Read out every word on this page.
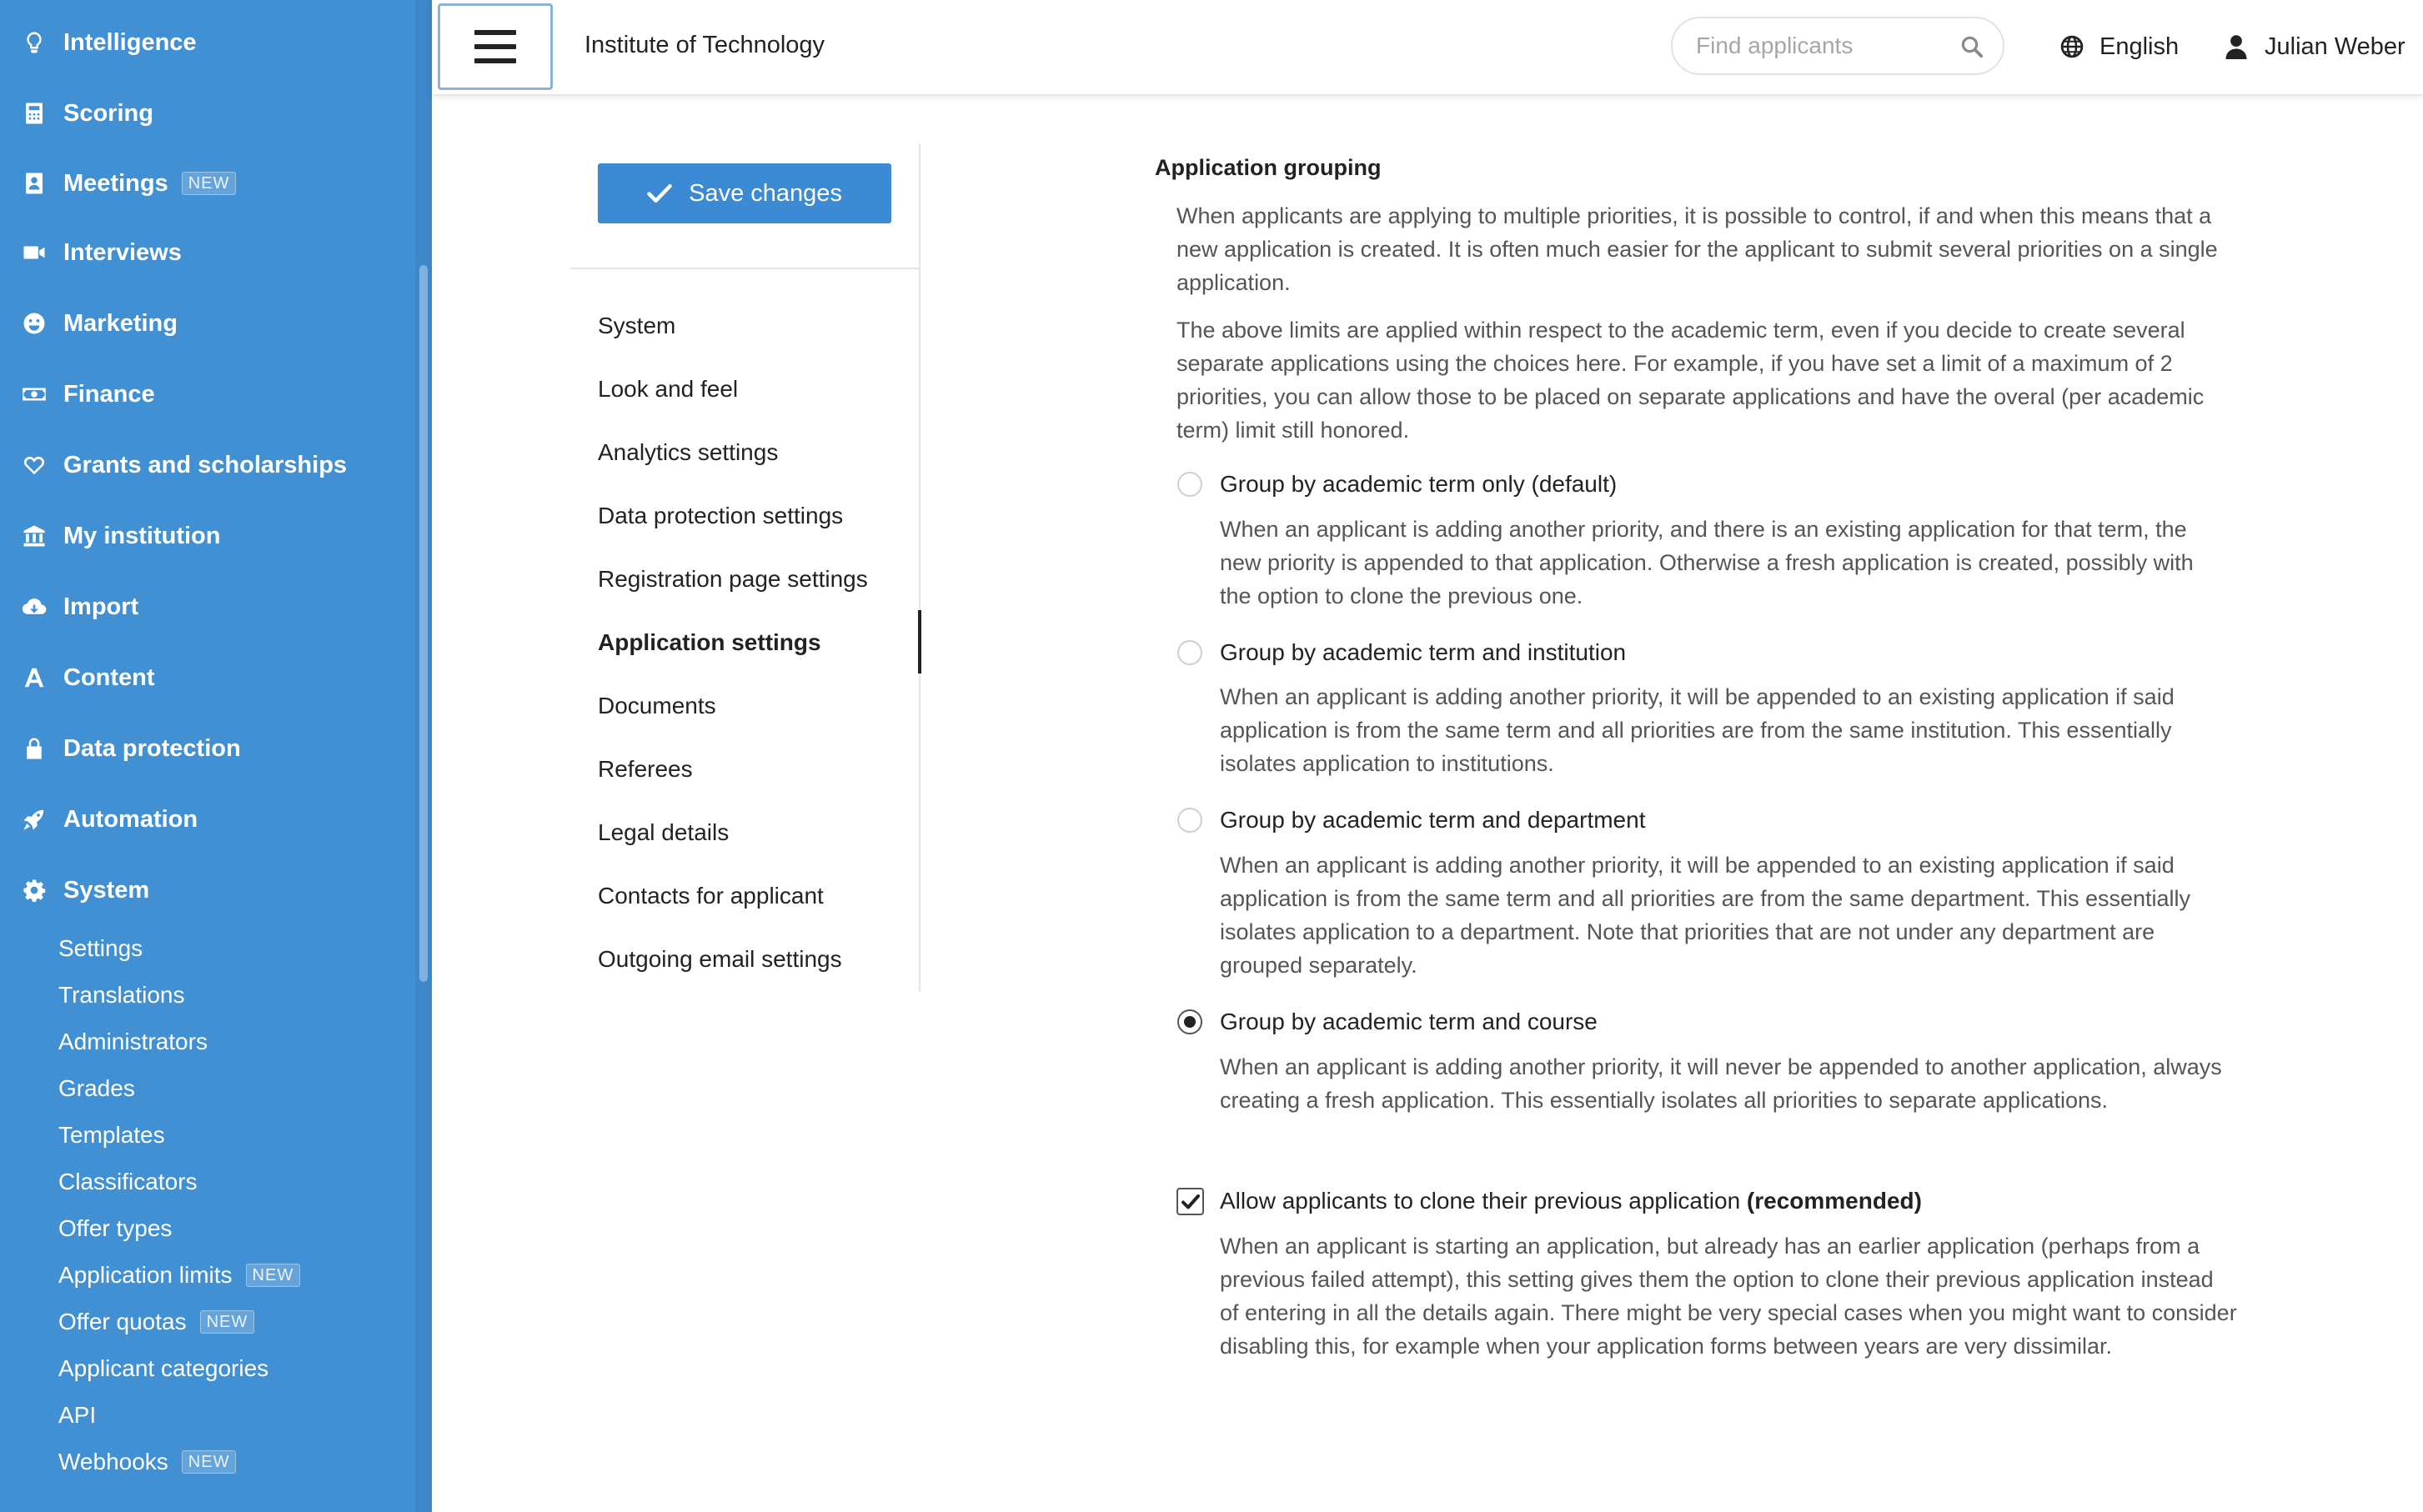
Intelligence
Scoring
Meetings	NEW
Interviews
Marketing
Finance
Grants and scholarships
My institution
Import
Content
Data protection
Automation
System
Settings
Translations
Administrators
Grades
Templates
Classificators
Offer types
Application limits	NEW
Offer quotas	NEW
Applicant categories
API
Webhooks	NEW
Institute of Technology
Find applicants	English	Julian Weber
Save changes
System
Look and feel
Analytics settings
Data protection settings
Registration page settings
Application settings
Documents
Referees
Legal details
Contacts for applicant
Outgoing email settings
Application grouping
When applicants are applying to multiple priorities, it is possible to control, if and when this means that a
new application is created. It is often much easier for the applicant to submit several priorities on a single
application.
The above limits are applied within respect to the academic term, even if you decide to create several
separate applications using the choices here. For example, if you have set a limit of a maximum of 2
priorities, you can allow those to be placed on separate applications and have the overal (per academic
term) limit still honored.
Group by academic term only (default)
When an applicant is adding another priority, and there is an existing application for that term, the
new priority is appended to that application. Otherwise a fresh application is created, possibly with
the option to clone the previous one.
Group by academic term and institution
When an applicant is adding another priority, it will be appended to an existing application if said
application is from the same term and all priorities are from the same institution. This essentially
isolates application to institutions.
Group by academic term and department
When an applicant is adding another priority, it will be appended to an existing application if said
application is from the same term and all priorities are from the same department. This essentially
isolates application to a department. Note that priorities that are not under any department are
grouped separately.
Group by academic term and course
When an applicant is adding another priority, it will never be appended to another application, always
creating a fresh application. This essentially isolates all priorities to separate applications.
Allow applicants to clone their previous application (recommended)
When an applicant is starting an application, but already has an earlier application (perhaps from a
previous failed attempt), this setting gives them the option to clone their previous application instead
of entering in all the details again. There might be very special cases when you might want to consider
disabling this, for example when your application forms between years are very dissimilar.
